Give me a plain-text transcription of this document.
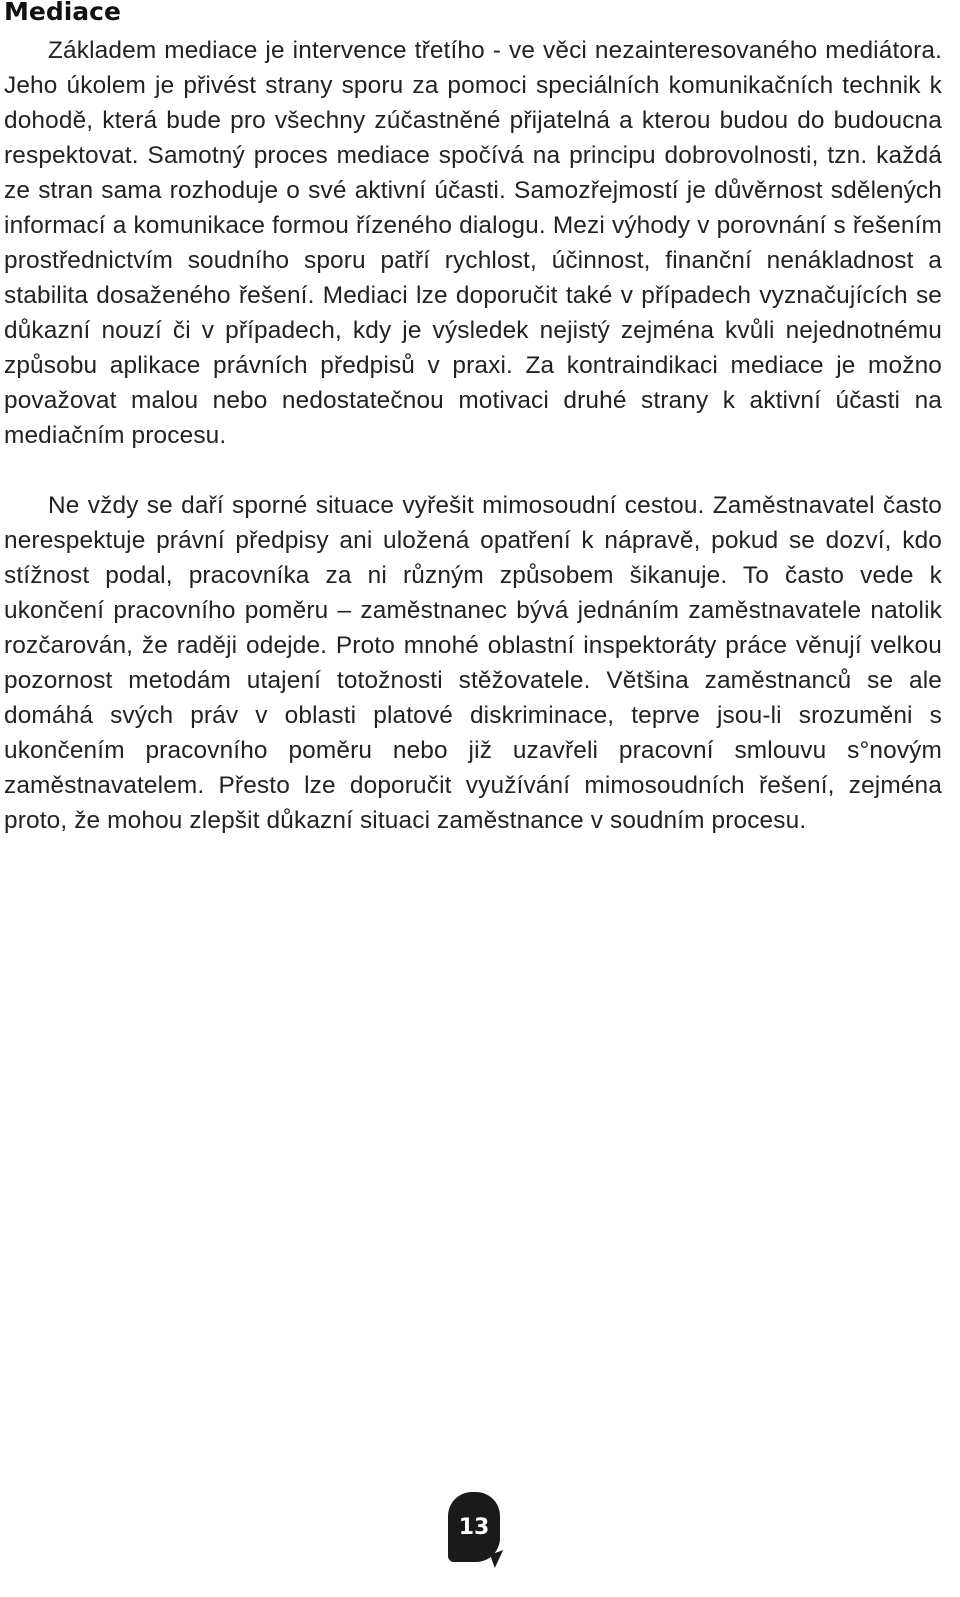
Mediace

Základem mediace je intervence třetího - ve věci nezainteresovaného mediátora. Jeho úkolem je přivést strany sporu za pomoci speciálních komunikačních technik k dohodě, která bude pro všechny zúčastněné přijatelná a kterou budou do budoucna respektovat. Samotný proces mediace spočívá na principu dobrovolnosti, tzn. každá ze stran sama rozhoduje o své aktivní účasti. Samozřejmostí je důvěrnost sdělených informací a komunikace formou řízeného dialogu. Mezi výhody v porovnání s řešením prostřednictvím soudního sporu patří rychlost, účinnost, finanční nenákladnost a stabilita dosaženého řešení. Mediaci lze doporučit také v případech vyznačujících se důkazní nouzí či v případech, kdy je výsledek nejistý zejména kvůli nejednotnému způsobu aplikace právních předpisů v praxi. Za kontraindikaci mediace je možno považovat malou nebo nedostatečnou motivaci druhé strany k aktivní účasti na mediačním procesu.

Ne vždy se daří sporné situace vyřešit mimosoudní cestou. Zaměstnavatel často nerespektuje právní předpisy ani uložená opatření k nápravě, pokud se dozví, kdo stížnost podal, pracovníka za ni různým způsobem šikanuje. To často vede k ukončení pracovního poměru – zaměstnanec bývá jednáním zaměstnavatele natolik rozčarován, že raději odejde. Proto mnohé oblastní inspektoráty práce věnují velkou pozornost metodám utajení totožnosti stěžovatele. Většina zaměstnanců se ale domáhá svých práv v oblasti platové diskriminace, teprve jsou-li srozuměni s ukončením pracovního poměru nebo již uzavřeli pracovní smlouvu s°novým zaměstnavatelem. Přesto lze doporučit využívání mimosoudních řešení, zejména proto, že mohou zlepšit důkazní situaci zaměstnance v soudním procesu.

13
